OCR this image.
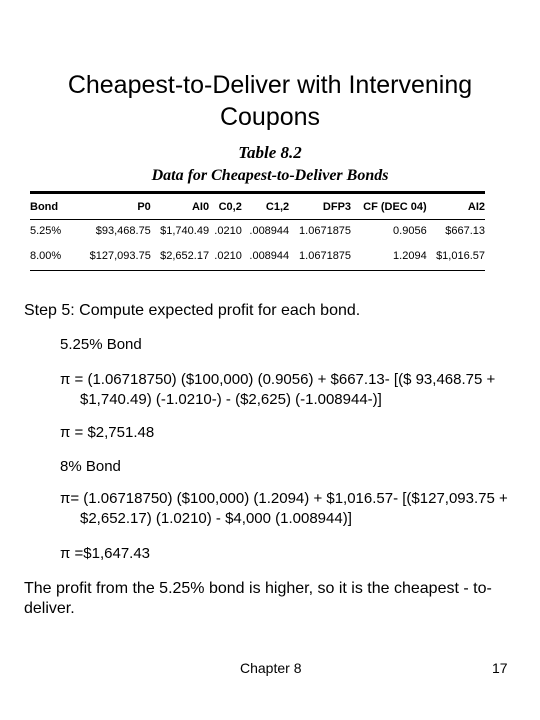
Cheapest-to-Deliver with Intervening
Coupons
Table 8.2
Data for Cheapest-to-Deliver Bonds
Bond	P0	AI0	C0,2	C1,2	DFP3	CF (DEC 04)	AI2
5.25%	$93,468.75	$1,740.49	.0210	.008944	1.0671875	0.9056	$667.13
8.00%	$127,093.75	$2,652.17	.0210	.008944	1.0671875	1.2094	$1,016.57
Step 5: Compute expected profit for each bond.
5.25% Bond
π = (1.06718750) ($100,000) (0.9056) + $667.13- [($ 93,468.75 + $1,740.49) (-1.0210-) - ($2,625) (-1.008944-)]
π = $2,751.48
8% Bond
π= (1.06718750) ($100,000) (1.2094) + $1,016.57- [($127,093.75 + $2,652.17) (1.0210) - $4,000 (1.008944)]
π =$1,647.43
The profit from the 5.25% bond is higher, so it is the cheapest - to-deliver.
Chapter 8	17
